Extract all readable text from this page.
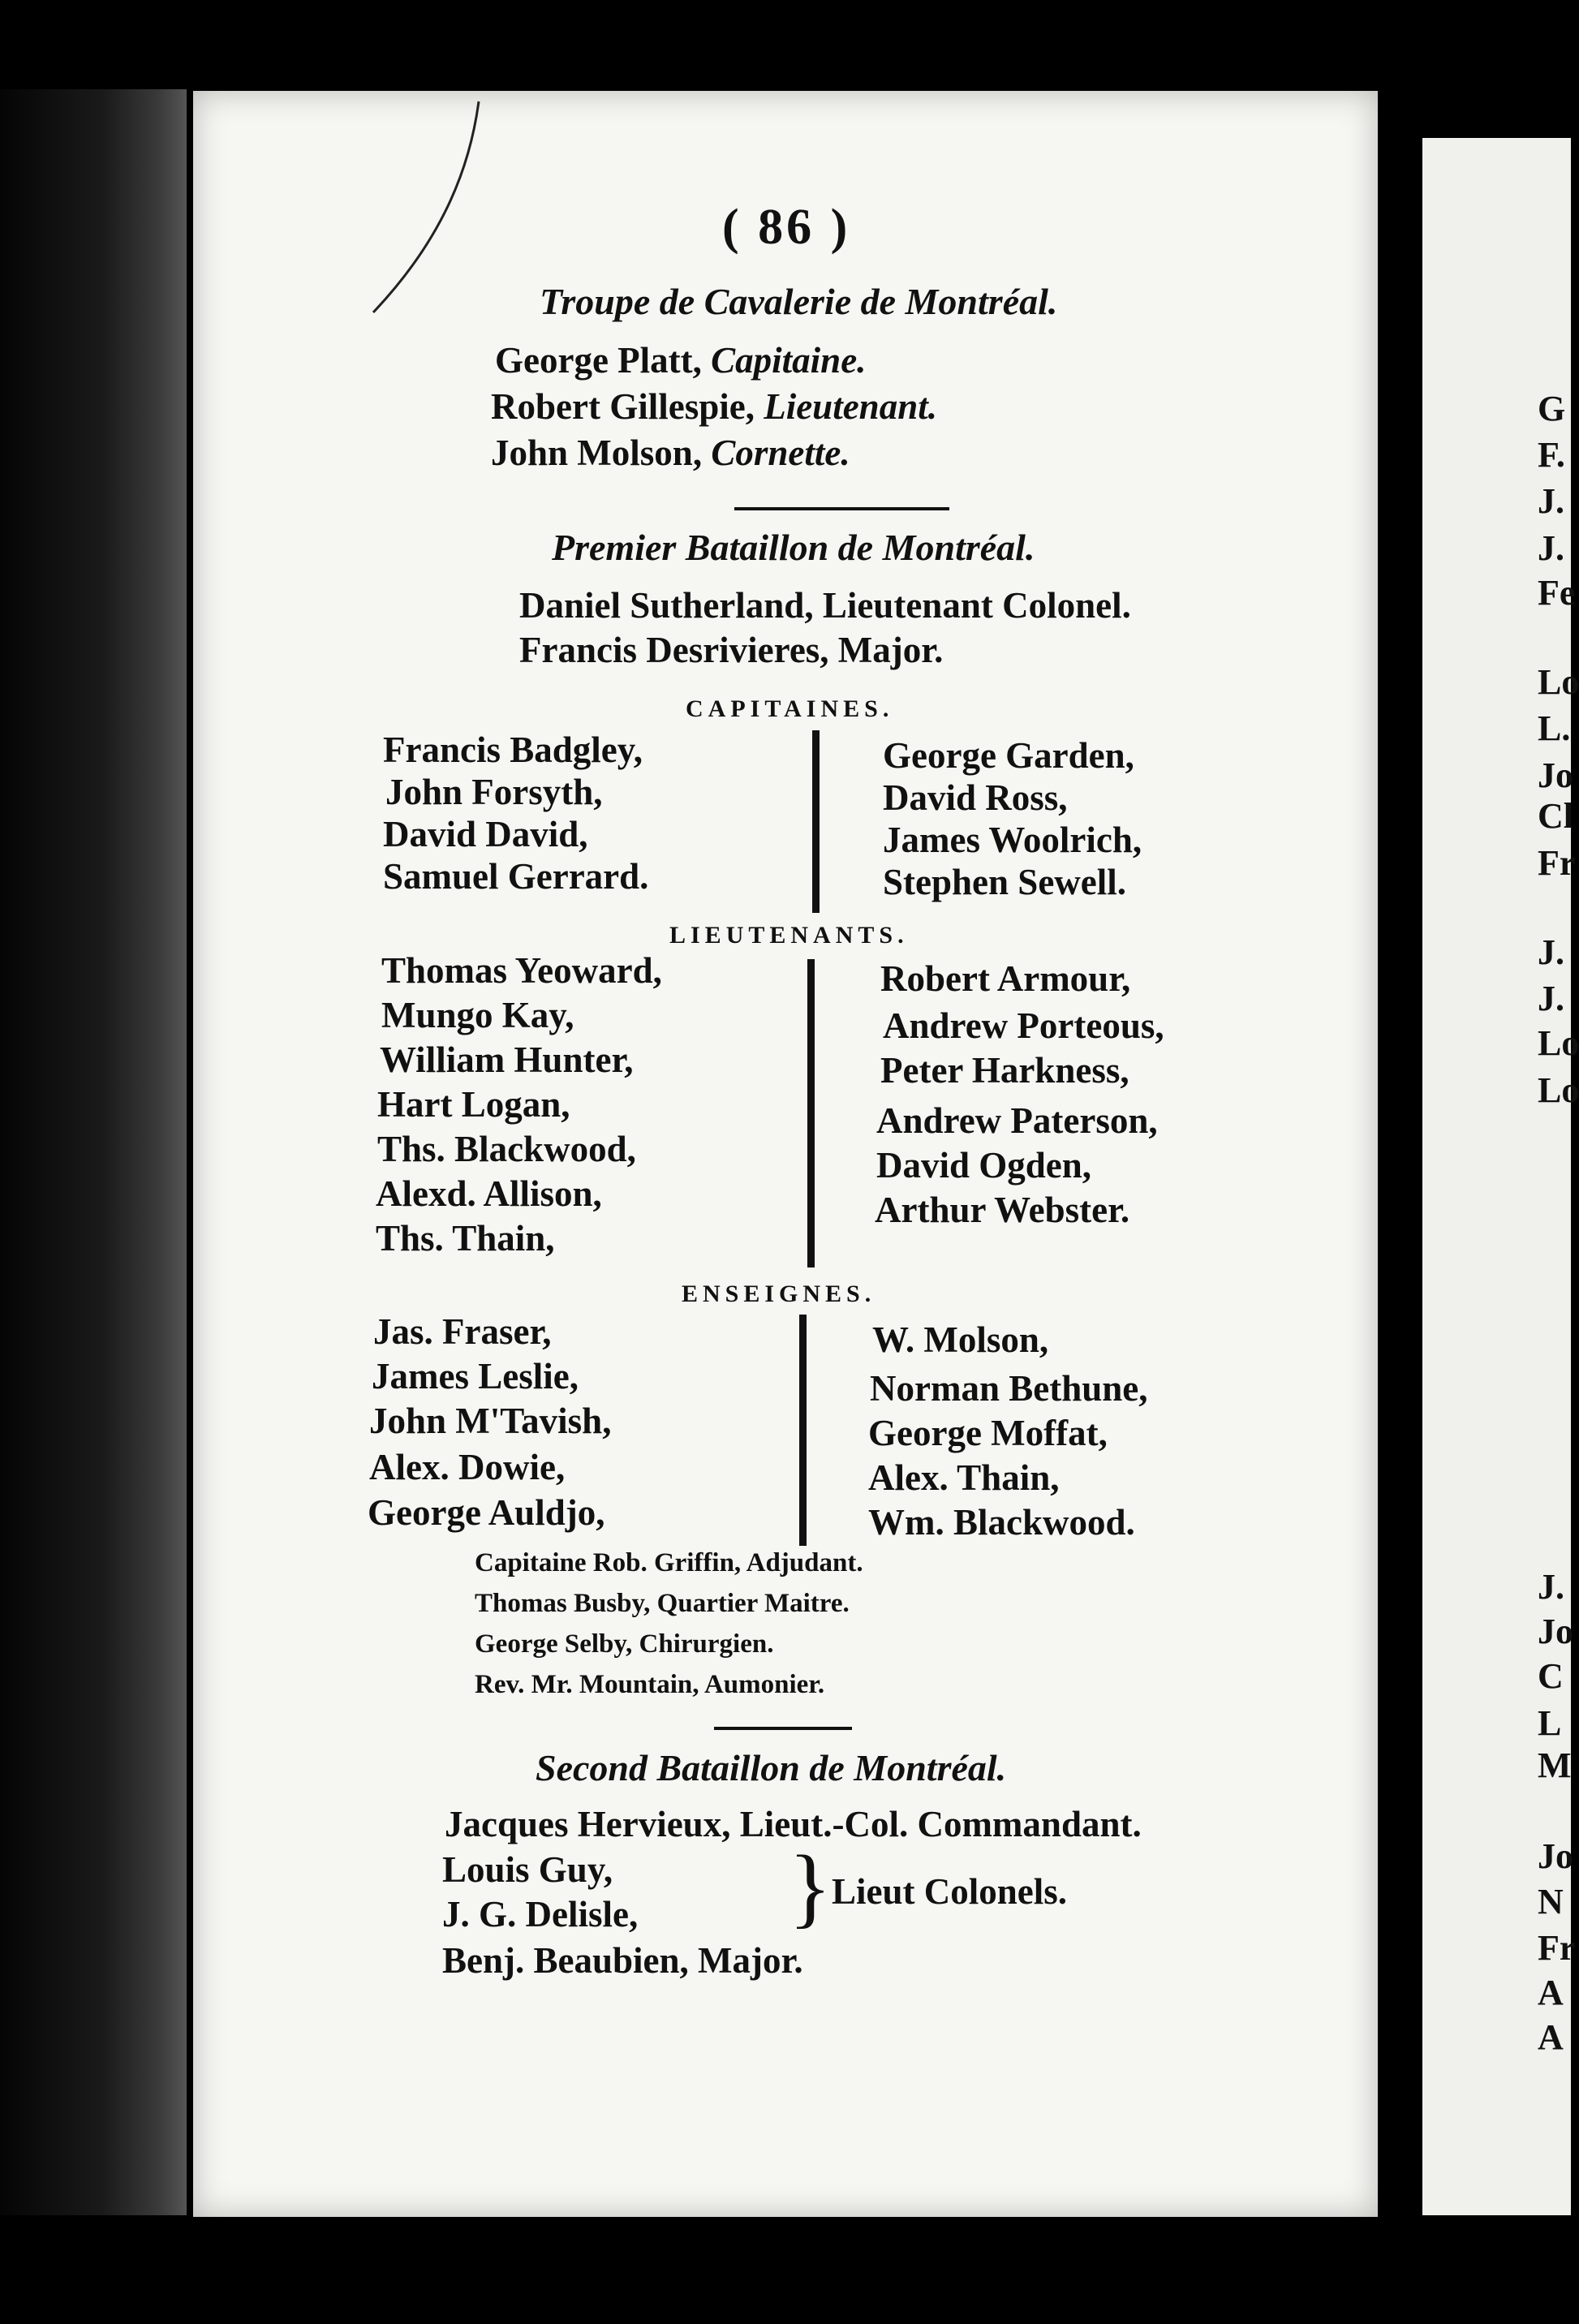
( 86 )
Troupe de Cavalerie de Montréal.
George Platt, Capitaine.
Robert Gillespie, Lieutenant.
John Molson, Cornette.
Premier Bataillon de Montréal.
Daniel Sutherland, Lieutenant Colonel.
Francis Desrivieres, Major.
CAPITAINES.
Francis Badgley,
John Forsyth,
David David,
Samuel Gerrard.
George Garden,
David Ross,
James Woolrich,
Stephen Sewell.
LIEUTENANTS.
Thomas Yeoward,
Mungo Kay,
William Hunter,
Hart Logan,
Ths. Blackwood,
Alexd. Allison,
Ths. Thain,
Robert Armour,
Andrew Porteous,
Peter Harkness,
Andrew Paterson,
David Ogden,
Arthur Webster.
ENSEIGNES.
Jas. Fraser,
James Leslie,
John M'Tavish,
Alex. Dowie,
George Auldjo,
W. Molson,
Norman Bethune,
George Moffat,
Alex. Thain,
Wm. Blackwood.
Capitaine Rob. Griffin, Adjudant.
Thomas Busby, Quartier Maitre.
George Selby, Chirurgien.
Rev. Mr. Mountain, Aumonier.
Second Bataillon de Montréal.
Jacques Hervieux, Lieut.-Col. Commandant.
Louis Guy,
J. G. Delisle, } Lieut Colonels.
Benj. Beaubien, Major.
G
F.
J.
J.
Fe
Lo
L.
Jo
Cl
Fr
J.
J.
Lo
Lo
J.
Jo
C
L
M
Jo
N
Fr
A
A
